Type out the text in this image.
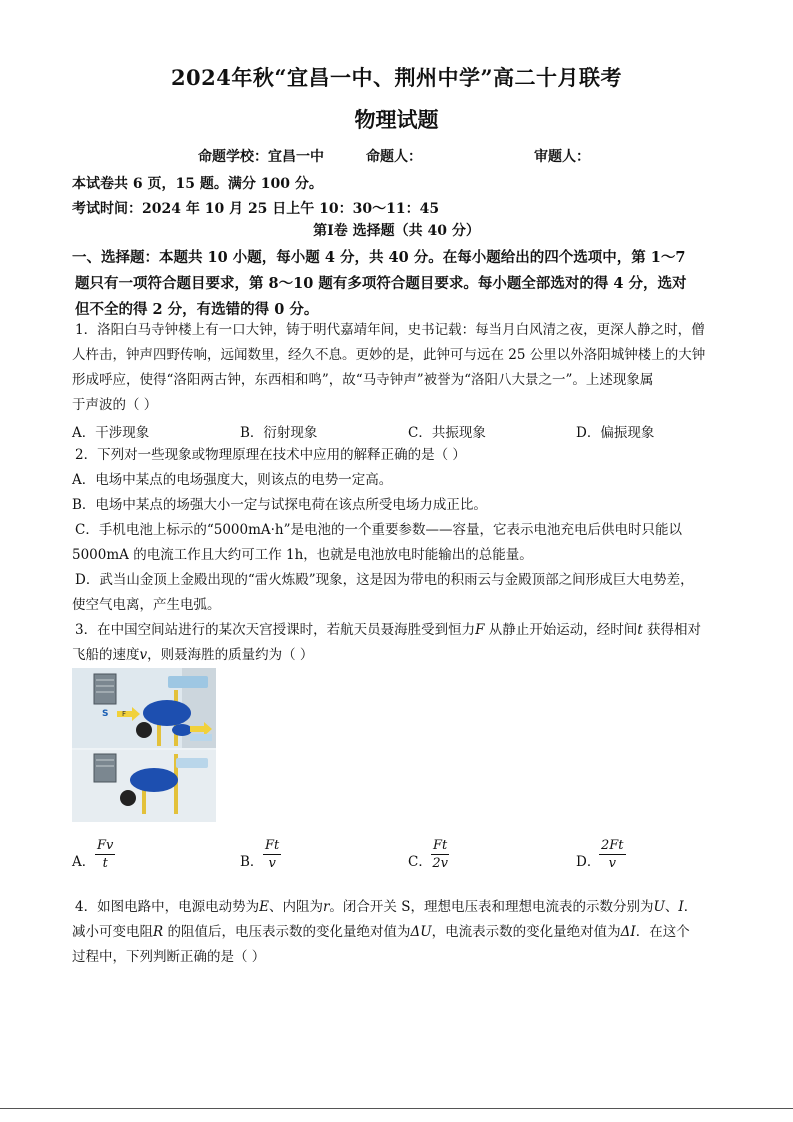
2024年秋“宜昌一中、荆州中学”高二十月联考
物理试题
命题学校：宜昌一中	命题人：	审题人：
本试卷共 6 页，15 题。满分 100 分。
考试时间：2024 年 10 月 25 日上午 10：30～11：45
第Ⅰ卷 选择题（共 40 分）
一、选择题：本题共 10 小题，每小题 4 分，共 40 分。在每小题给出的四个选项中，第 1～7
题只有一项符合题目要求，第 8～10 题有多项符合题目要求。每小题全部选对的得 4 分，选对
但不全的得 2 分，有选错的得 0 分。
1．洛阳白马寺钟楼上有一口大钟，铸于明代嘉靖年间，史书记载：每当月白风清之夜，更深人静之时，僧
人杵击，钟声四野传响，远闻数里，经久不息。更妙的是，此钟可与远在 25 公里以外洛阳城钟楼上的大钟
形成呼应，使得“洛阳两古钟，东西相和鸣”，故“马寺钟声”被誉为“洛阳八大景之一”。上述现象属
于声波的（ ）
A．干涉现象	B．衍射现象	C．共振现象	D．偏振现象
2．下列对一些现象或物理原理在技术中应用的解释正确的是（ ）
A．电场中某点的电场强度大，则该点的电势一定高。
B．电场中某点的场强大小一定与试探电荷在该点所受电场力成正比。
C．手机电池上标示的“5000mA·h”是电池的一个重要参数——容量，它表示电池充电后供电时只能以
5000mA 的电流工作且大约可工作 1h，也就是电池放电时能输出的总能量。
D．武当山金顶上金殿出现的“雷火炼殿”现象，这是因为带电的积雨云与金殿顶部之间形成巨大电势差，
使空气电离，产生电弧。
3．在中国空间站进行的某次天宫授课时，若航天员聂海胜受到恒力F 从静止开始运动，经时间t 获得相对
飞船的速度v，则聂海胜的质量约为（ ）
S F
A． $\frac{Fv}{t}$	B． $\frac{Ft}{v}$	C． $\frac{Ft}{2v}$	D．
$\frac{2Ft}{v}$
4．如图电路中，电源电动势为E、内阻为r。闭合开关 S，理想电压表和理想电流表的示数分别为U、I．
减小可变电阻R 的阻值后，电压表示数的变化量绝对值为ΔU，电流表示数的变化量绝对值为ΔI．在这个
过程中，下列判断正确的是（ ）
